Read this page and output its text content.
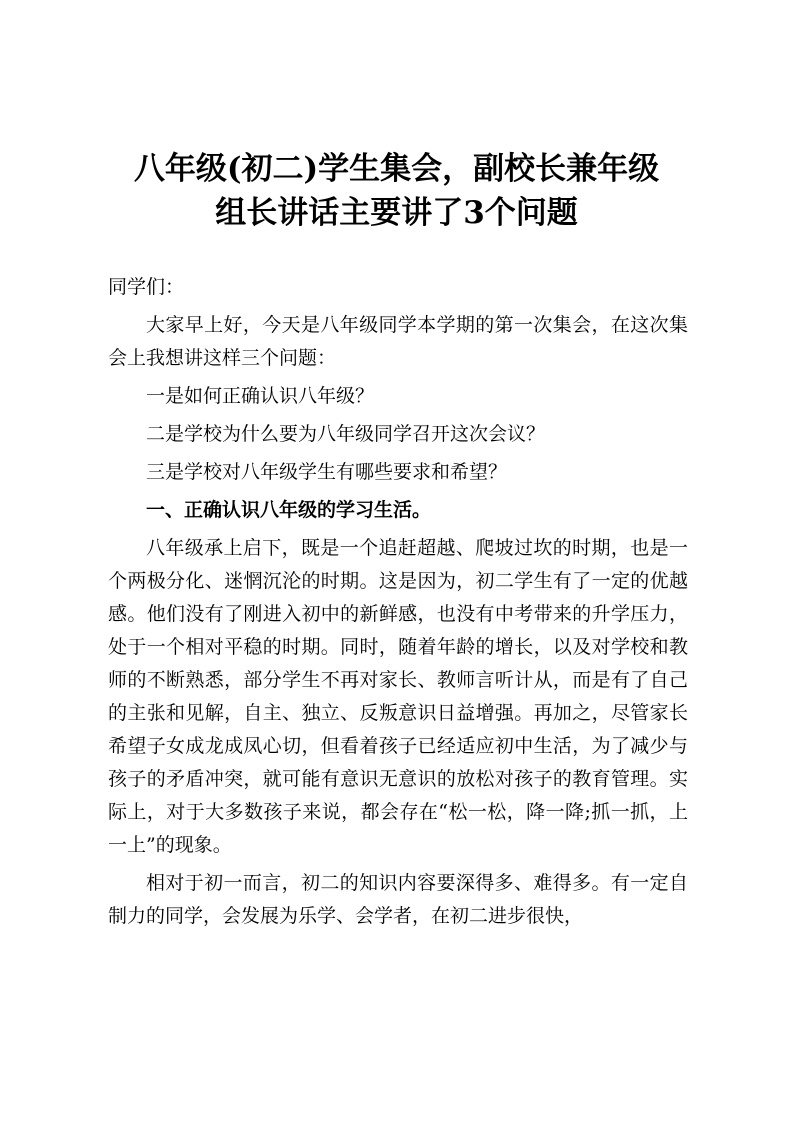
八年级(初二)学生集会，副校长兼年级
组长讲话主要讲了3个问题

同学们：

大家早上好，今天是八年级同学本学期的第一次集会，在这次集会上我想讲这样三个问题：

一是如何正确认识八年级？

二是学校为什么要为八年级同学召开这次会议？

三是学校对八年级学生有哪些要求和希望？

一、正确认识八年级的学习生活。

八年级承上启下，既是一个追赶超越、爬坡过坎的时期，也是一个两极分化、迷惘沉沦的时期。这是因为，初二学生有了一定的优越感。他们没有了刚进入初中的新鲜感，也没有中考带来的升学压力，处于一个相对平稳的时期。同时，随着年龄的增长，以及对学校和教师的不断熟悉，部分学生不再对家长、教师言听计从，而是有了自己的主张和见解，自主、独立、反叛意识日益增强。再加之，尽管家长希望子女成龙成凤心切，但看着孩子已经适应初中生活，为了减少与孩子的矛盾冲突，就可能有意识无意识的放松对孩子的教育管理。实际上，对于大多数孩子来说，都会存在“松一松，降一降;抓一抓，上一上”的现象。

相对于初一而言，初二的知识内容要深得多、难得多。有一定自制力的同学，会发展为乐学、会学者，在初二进步很快，
